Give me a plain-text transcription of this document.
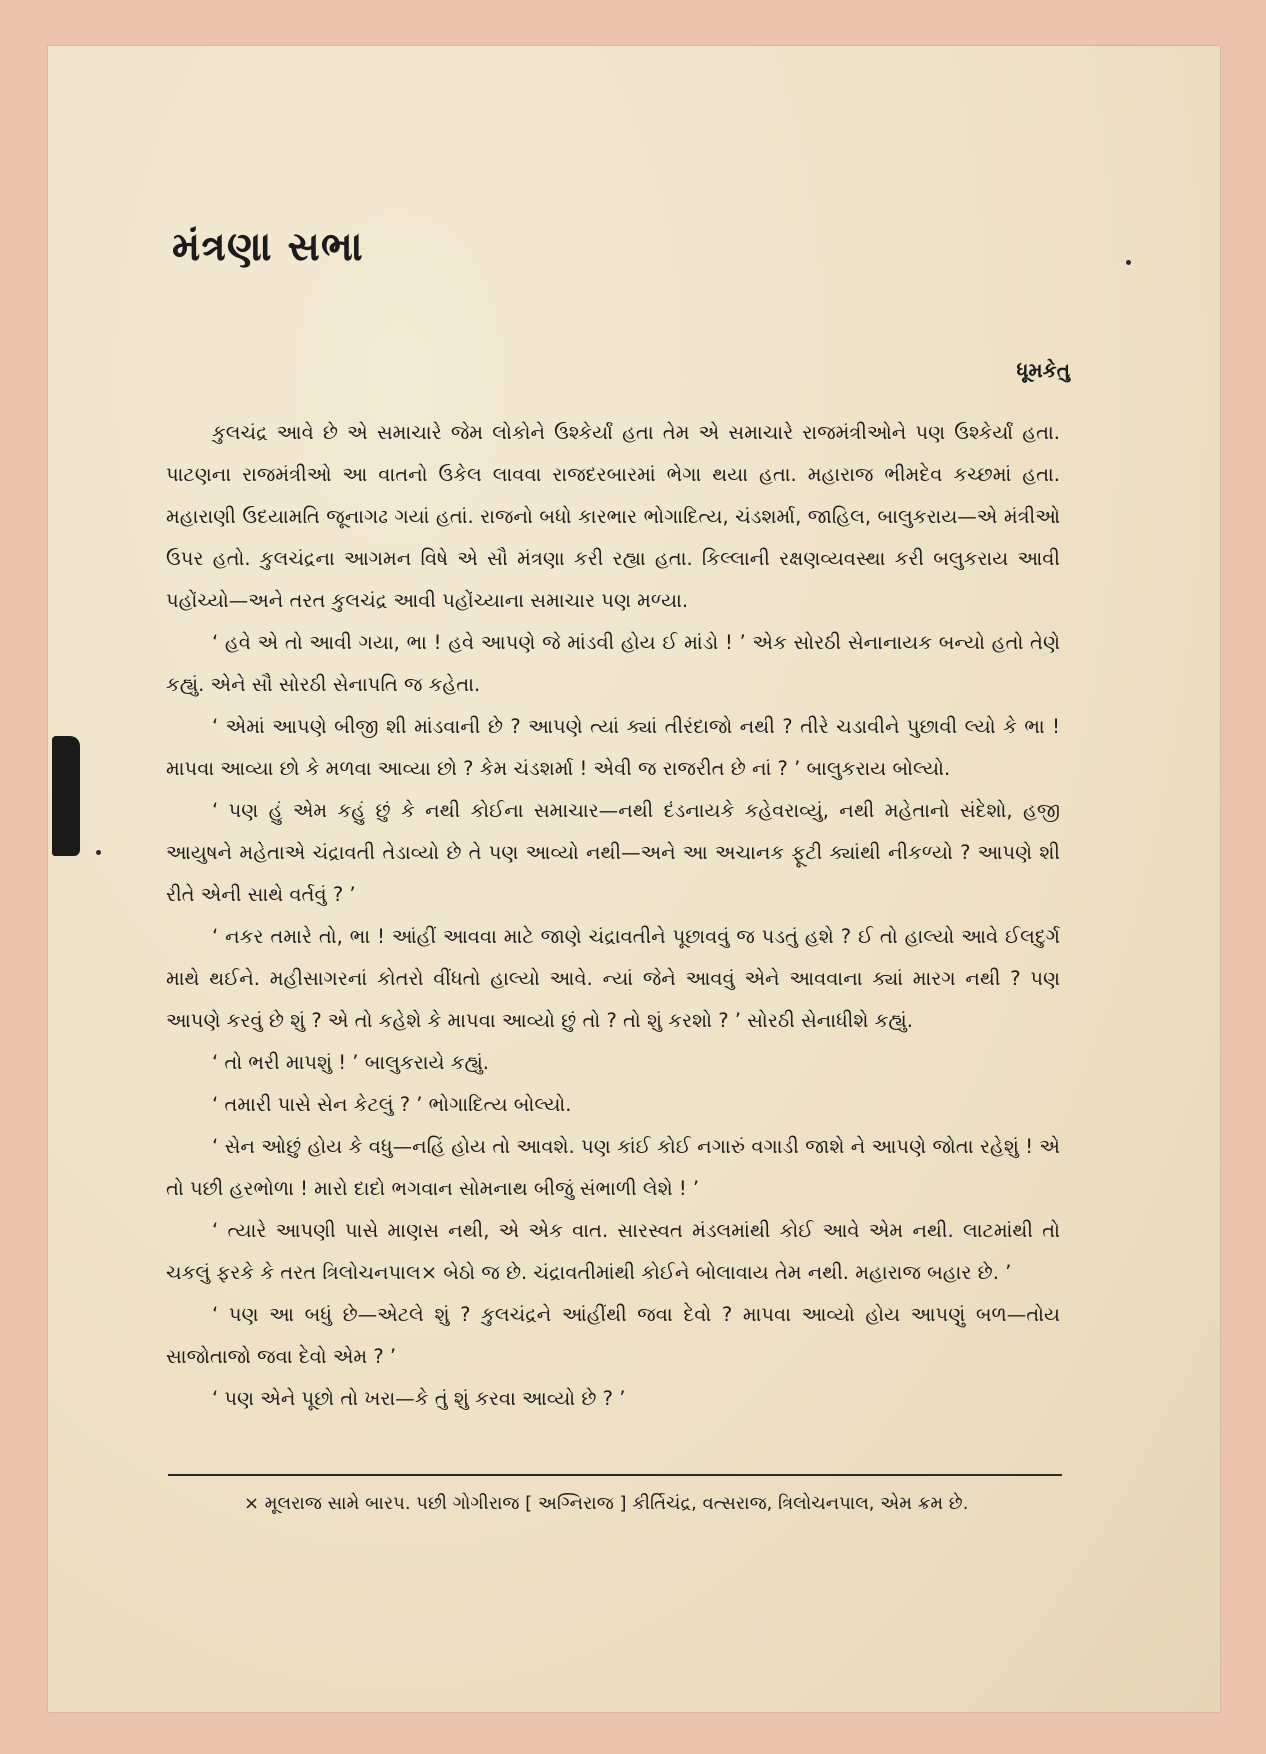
મંત્રણા સભા
ધૂમકેતુ

કુલચંદ્ર આવે છે એ સમાચારે જેમ લોકોને ઉશ્કેર્યાં હતા તેમ એ સમાચારે રાજમંત્રીઓને પણ ઉશ્કેર્યાં હતા. પાટણના રાજમંત્રીઓ આ વાતનો ઉકેલ લાવવા રાજદરબારમાં ભેગા થયા હતા. મહારાજ ભીમદેવ કચ્છમાં હતા. મહારાણી ઉદયામતિ જૂનાગઢ ગયાં હતાં. રાજનો બધો કારભાર ભોગાદિત્ય, ચંડશર્મા, જાહિલ, બાલુકરાય—એ મંત્રીઓ ઉપર હતો. કુલચંદ્રના આગમન વિષે એ સૌ મંત્રણા કરી રહ્યા હતા. કિલ્લાની રક્ષણવ્યવસ્થા કરી બલુકરાય આવી પહોંચ્યો—અને તરત કુલચંદ્ર આવી પહોંચ્યાના સમાચાર પણ મળ્યા.

‘ હવે એ તો આવી ગયા, ભા ! હવે આપણે જે માંડવી હોય ઈ માંડો ! ’ એક સોરઠી સેનાનાયક બન્યો હતો તેણે કહ્યું. એને સૌ સોરઠી સેનાપતિ જ કહેતા.

‘ એમાં આપણે બીજી શી માંડવાની છે ? આપણે ત્યાં ક્યાં તીરંદાજો નથી ? તીરે ચડાવીને પુછાવી લ્યો કે ભા ! માપવા આવ્યા છો કે મળવા આવ્યા છો ? કેમ ચંડશર્મા ! એવી જ રાજરીત છે નાં ? ’ બાલુકરાય બોલ્યો.

‘ પણ હું એમ કહું છું કે નથી કોઈના સમાચાર—નથી દંડનાયકે કહેવરાવ્યું, નથી મહેતાનો સંદેશો, હજી આયુષને મહેતાએ ચંદ્રાવતી તેડાવ્યો છે તે પણ આવ્યો નથી—અને આ અચાનક ફૂટી ક્યાંથી નીકળ્યો ? આપણે શી રીતે એની સાથે વર્તવું ? ’

‘ નકર તમારે તો, ભા ! આંહીં આવવા માટે જાણે ચંદ્રાવતીને પૂછાવવું જ પડતું હશે ? ઈ તો હાલ્યો આવે ઈલદુર્ગ માથે થઈને. મહીસાગરનાં કોતરો વીંધતો હાલ્યો આવે. ન્યાં જેને આવવું એને આવવાના ક્યાં મારગ નથી ? પણ આપણે કરવું છે શું ? એ તો કહેશે કે માપવા આવ્યો છું તો ? તો શું કરશો ? ’ સોરઠી સેનાધીશે કહ્યું.

‘ તો ભરી માપશું ! ’ બાલુકરાયે કહ્યું.

‘ તમારી પાસે સેન કેટલું ? ’ ભોગાદિત્ય બોલ્યો.

‘ સેન ઓછું હોય કે વધુ—નહિં હોય તો આવશે. પણ કાંઈ કોઈ નગારું વગાડી જાશે ને આપણે જોતા રહેશું ! એ તો પછી હરભોળા ! મારો દાદો ભગવાન સોમનાથ બીજું સંભાળી લેશે ! ’

‘ ત્યારે આપણી પાસે માણસ નથી, એ એક વાત. સારસ્વત મંડલમાંથી કોઈ આવે એમ નથી. લાટમાંથી તો ચકલું ફરકે કે તરત ત્રિલોચનપાલ× બેઠો જ છે. ચંદ્રાવતીમાંથી કોઈને બોલાવાય તેમ નથી. મહારાજ બહાર છે. ’

‘ પણ આ બધું છે—એટલે શું ? કુલચંદ્રને આંહીંથી જવા દેવો ? માપવા આવ્યો હોય આપણું બળ—તોય સાજોતાજો જવા દેવો એમ ? ’

‘ પણ એને પૂછો તો ખરા—કે તું શું કરવા આવ્યો છે ? ’

× મૂલરાજ સામે બારપ. પછી ગોગીરાજ [ અગ્નિરાજ ] કીર્તિચંદ્ર, વત્સરાજ, ત્રિલોચનપાલ, એમ ક્રમ છે.
